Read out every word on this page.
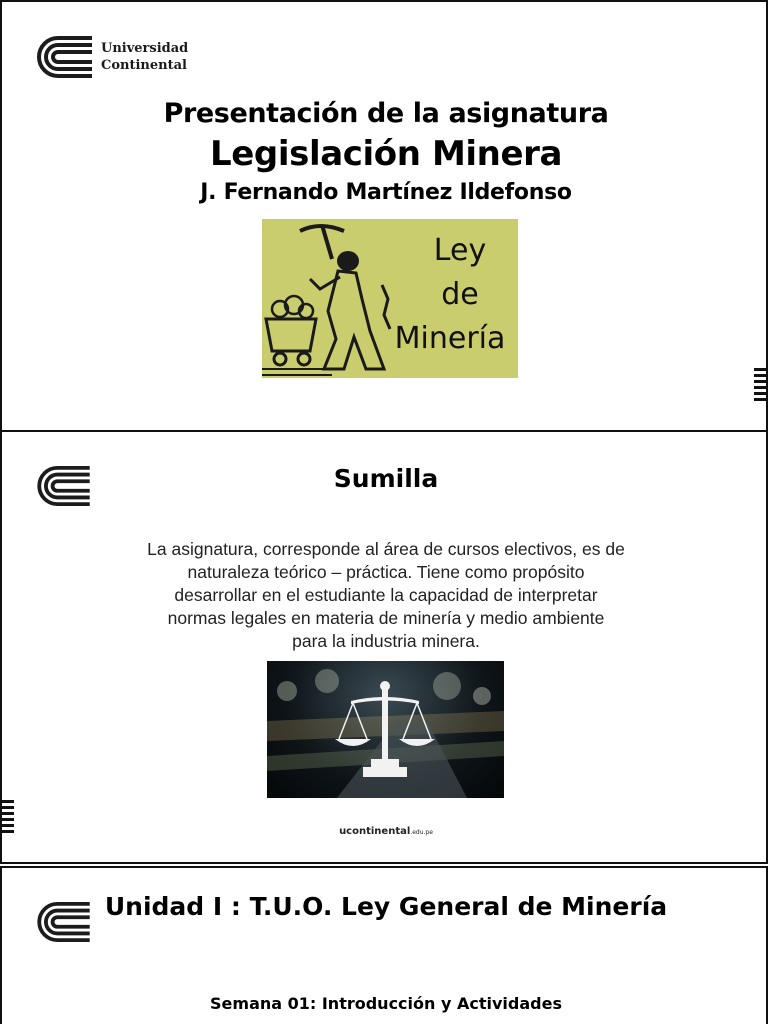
Universidad
Continental
Presentación de la asignatura
Legislación Minera
J. Fernando Martínez Ildefonso
Ley
de
Minería
Sumilla
La asignatura, corresponde al área de cursos electivos, es de
naturaleza teórico – práctica. Tiene como propósito
desarrollar en el estudiante la capacidad de interpretar
normas legales en materia de minería y medio ambiente
para la industria minera.
ucontinental.edu.pe
Unidad I : T.U.O. Ley General de Minería
Semana 01: Introducción y Actividades
